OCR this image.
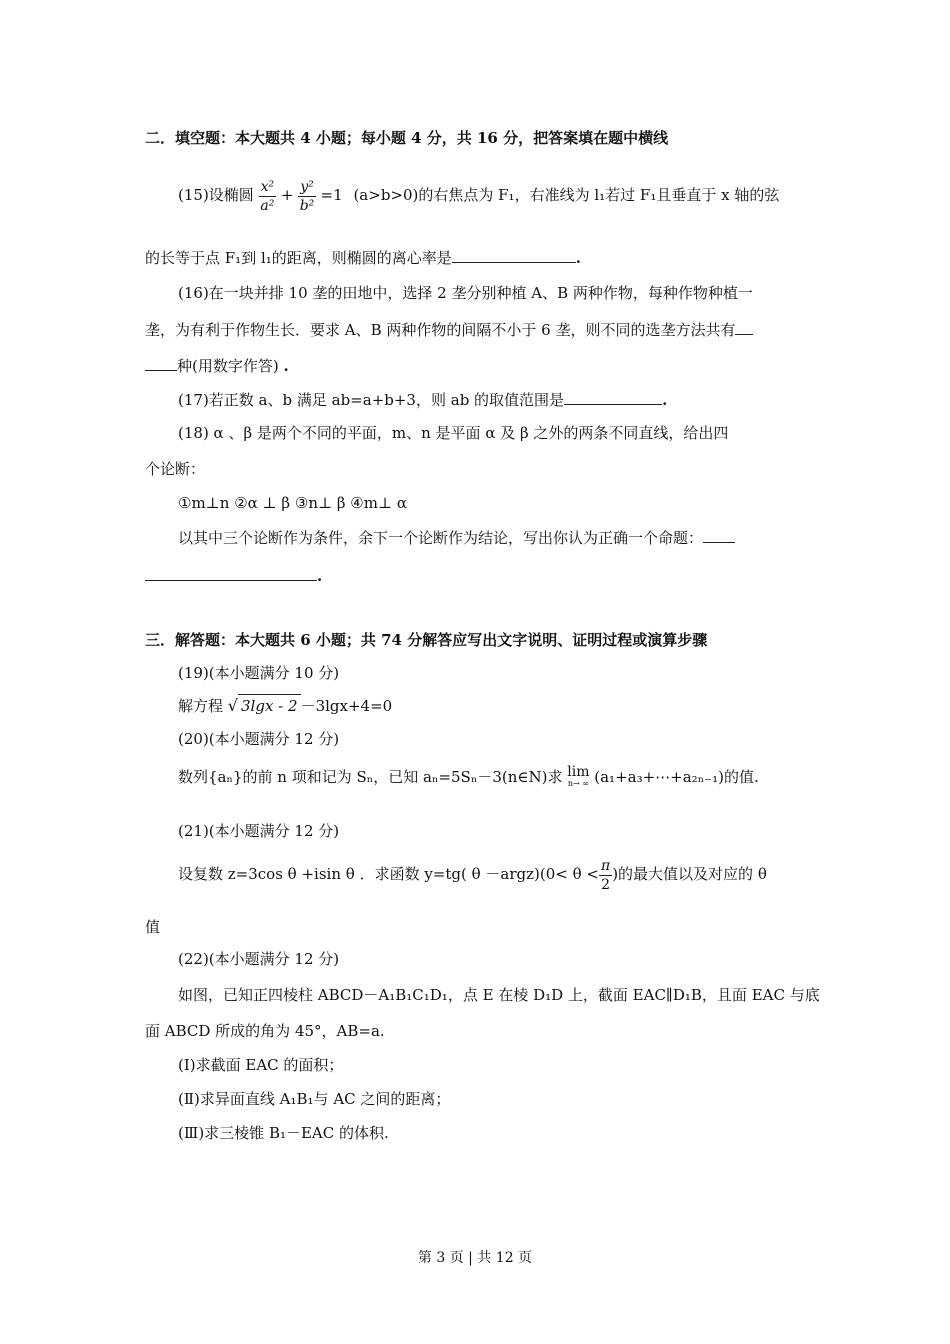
二．填空题：本大题共 4 小题；每小题 4 分，共 16 分，把答案填在题中横线
(15)设椭圆 $\frac{\text{x²}}{\text{a²}} + \frac{\text{y²}}{\text{b²}} =1$ (a>b>0)的右焦点为 F₁，右准线为 l₁若过 F₁且垂直于 x 轴的弦
的长等于点 F₁到 l₁的距离，则椭圆的离心率是	.
(16)在一块并排 10 垄的田地中，选择 2 垄分别种植 A、B 两种作物，每种作物种植一
垄，为有利于作物生长．要求 A、B 两种作物的间隔不小于 6 垄，则不同的选垄方法共有
种(用数字作答) .
(17)若正数 a、b 满足 ab=a+b+3，则 ab 的取值范围是	.
(18) α 、β 是两个不同的平面，m、n 是平面 α 及 β 之外的两条不同直线，给出四
个论断：
①m⊥n ②α ⊥ β ③n⊥ β ④m⊥ α
以其中三个论断作为条件，余下一个论断作为结论，写出你认为正确一个命题：
.
三．解答题：本大题共 6 小题；共 74 分解答应写出文字说明、证明过程或演算步骤
(19)(本小题满分 10 分)
解方程 √ 3lgx - 2 －3lgx+4=0
(20)(本小题满分 12 分)
数列{aₙ}的前 n 项和记为 Sₙ，已知 aₙ=5Sₙ－3(n∈N)求 lim
n→ ∞ (a₁+a₃+⋯+a₂ₙ₋₁)的值.
(21)(本小题满分 12 分)
设复数 z=3cos θ +isin θ ．求函数 y=tg( θ －argz)(0< $\theta < \frac{\pi}{2}$ )的最大值以及对应的 θ
值
(22)(本小题满分 12 分)
如图，已知正四棱柱 ABCD－A₁B₁C₁D₁，点 E 在棱 D₁D 上，截面 EAC∥D₁B，且面 EAC 与底
面 ABCD 所成的角为 45°，AB=a.
(Ⅰ)求截面 EAC 的面积；
(Ⅱ)求异面直线 A₁B₁与 AC 之间的距离；
(Ⅲ)求三棱锥 B₁－EAC 的体积.
第 3 页 | 共 12 页
